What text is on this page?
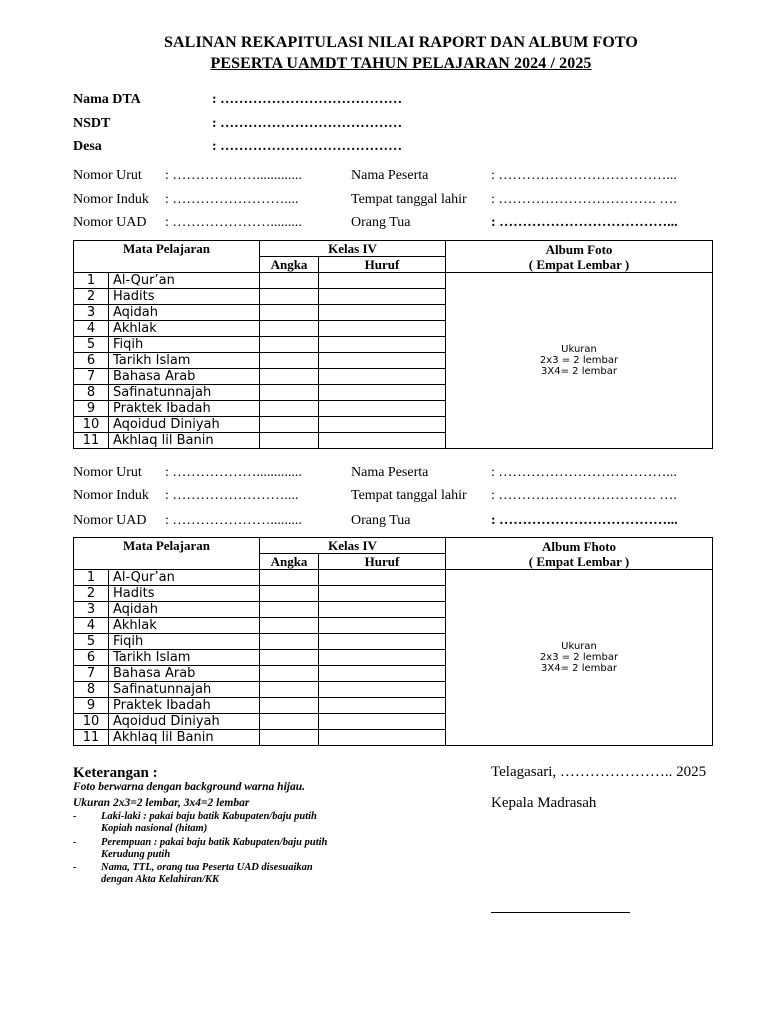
SALINAN REKAPITULASI NILAI RAPORT DAN ALBUM FOTO
PESERTA UAMDT TAHUN PELAJARAN 2024 / 2025
Nama DTA	: …………………………………
NSDT	: …………………………………
Desa	: …………………………………
Nomor Urut : ……………….............
Nomor Induk : ……………………....
Nomor UAD : ………………….........
Nama Peserta	: ………………………………...
Tempat tanggal lahir : ……………………………. ….
Orang Tua	: ………………………………...
Mata Pelajaran		Kelas IV		Album Foto
( Empat Lembar )

		Angka	Huruf	
1	Al-Qur’an			Ukuran
2x3 = 2 lembar
3X4= 2 lembar

2	Hadits			
3	Aqidah			
4	Akhlak			
5	Fiqih			
6	Tarikh Islam			
7	Bahasa Arab			
8	Safinatunnajah			
9	Praktek Ibadah			
10	Aqoidud Diniyah			
11	Akhlaq lil Banin			
Nomor Urut : ……………….............
Nomor Induk : ……………………....
Nomor UAD : ………………….........
Nama Peserta	: ………………………………...
Tempat tanggal lahir : ……………………………. ….
Orang Tua	: ………………………………...
Mata Pelajaran		Kelas IV		Album Fhoto
( Empat Lembar )

		Angka	Huruf	
1	Al-Qur’an			Ukuran
2x3 = 2 lembar
3X4= 2 lembar

2	Hadits			
3	Aqidah			
4	Akhlak			
5	Fiqih			
6	Tarikh Islam			
7	Bahasa Arab			
8	Safinatunnajah			
9	Praktek Ibadah			
10	Aqoidud Diniyah			
11	Akhlaq lil Banin			
Keterangan :
Foto berwarna dengan background warna hijau.
Ukuran 2x3=2 lembar, 3x4=2 lembar
- Laki-laki : pakai baju batik Kabupaten/baju putih
Kopiah nasional (hitam)
- Perempuan : pakai baju batik Kabupaten/baju putih
Kerudung putih
- Nama, TTL, orang tua Peserta UAD disesuaikan
dengan Akta Kelahiran/KK
Telagasari, ………………….. 2025
Kepala Madrasah
